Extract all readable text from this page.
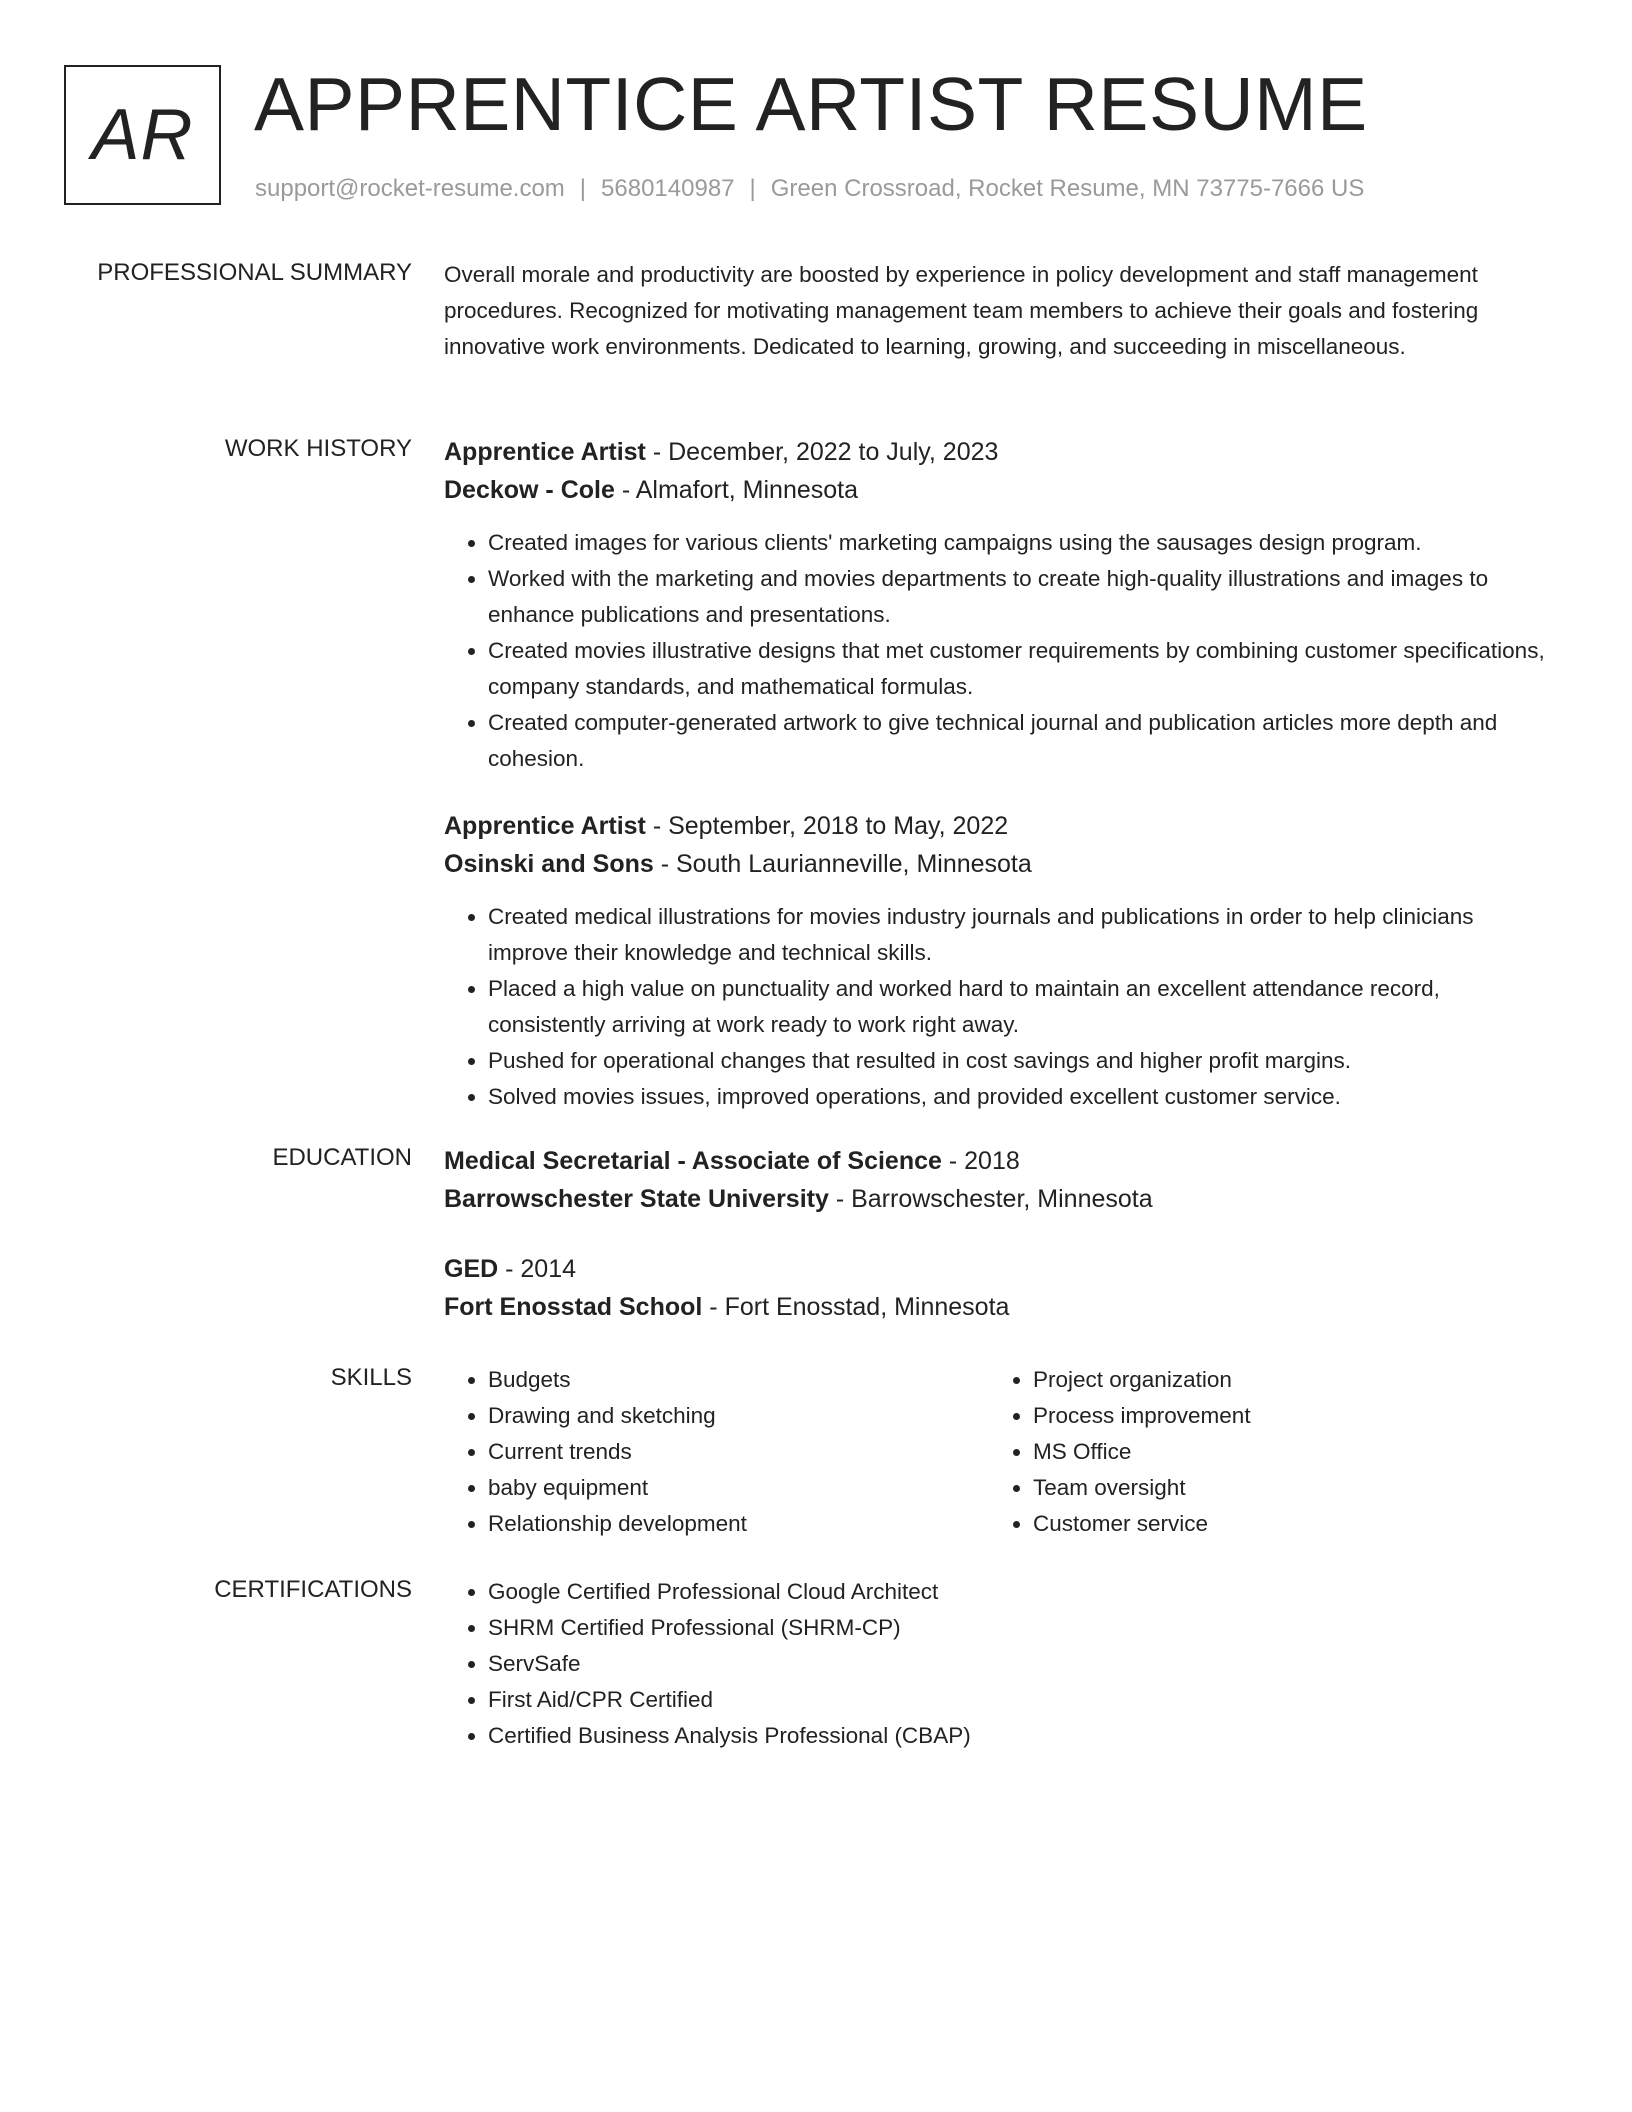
AR APPRENTICE ARTIST RESUME
support@rocket-resume.com | 5680140987 | Green Crossroad, Rocket Resume, MN 73775-7666 US
PROFESSIONAL SUMMARY Overall morale and productivity are boosted by experience in policy development and staff management procedures. Recognized for motivating management team members to achieve their goals and fostering innovative work environments. Dedicated to learning, growing, and succeeding in miscellaneous.

WORK HISTORY Apprentice Artist - December, 2022 to July, 2023
Deckow - Cole - Almafort, Minnesota
• Created images for various clients' marketing campaigns using the sausages design program.
• Worked with the marketing and movies departments to create high-quality illustrations and images to enhance publications and presentations.
• Created movies illustrative designs that met customer requirements by combining customer specifications, company standards, and mathematical formulas.
• Created computer-generated artwork to give technical journal and publication articles more depth and cohesion.
Apprentice Artist - September, 2018 to May, 2022
Osinski and Sons - South Laurianneville, Minnesota
• Created medical illustrations for movies industry journals and publications in order to help clinicians improve their knowledge and technical skills.
• Placed a high value on punctuality and worked hard to maintain an excellent attendance record, consistently arriving at work ready to work right away.
• Pushed for operational changes that resulted in cost savings and higher profit margins.
• Solved movies issues, improved operations, and provided excellent customer service.
EDUCATION Medical Secretarial - Associate of Science - 2018
Barrowschester State University - Barrowschester, Minnesota
GED - 2014
Fort Enosstad School - Fort Enosstad, Minnesota
SKILLS	• Budgets
• Drawing and sketching
• Current trends
• baby equipment
• Relationship development
• Project organization
• Process improvement
• MS Office
• Team oversight
• Customer service
CERTIFICATIONS	• Google Certified Professional Cloud Architect
• SHRM Certified Professional (SHRM-CP)
• ServSafe
• First Aid/CPR Certified
• Certified Business Analysis Professional (CBAP)
